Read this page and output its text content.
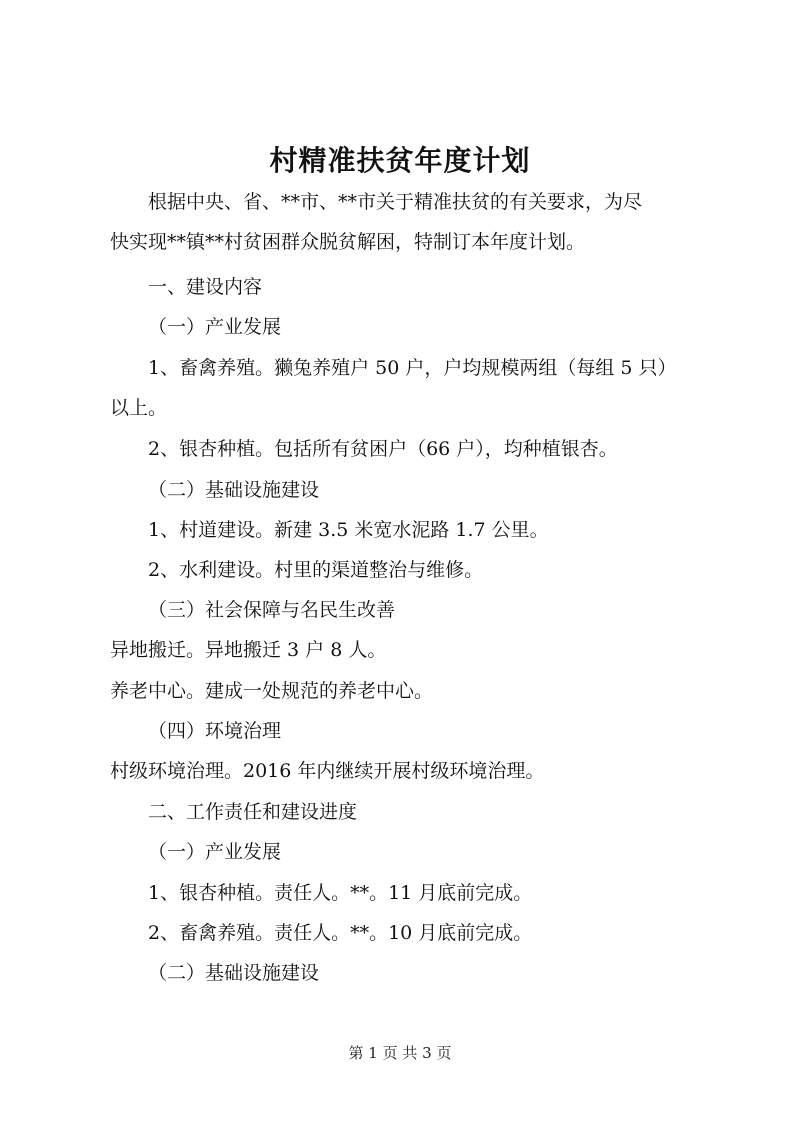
村精准扶贫年度计划

根据中央、省、**市、**市关于精准扶贫的有关要求，为尽

快实现**镇**村贫困群众脱贫解困，特制订本年度计划。

一、建设内容

（一）产业发展

1、畜禽养殖。獭兔养殖户 50 户，户均规模两组（每组 5 只）

以上。

2、银杏种植。包括所有贫困户（66 户），均种植银杏。

（二）基础设施建设

1、村道建设。新建 3.5 米宽水泥路 1.7 公里。

2、水利建设。村里的渠道整治与维修。

（三）社会保障与名民生改善

异地搬迁。异地搬迁 3 户 8 人。

养老中心。建成一处规范的养老中心。

（四）环境治理

村级环境治理。2016 年内继续开展村级环境治理。

二、工作责任和建设进度

（一）产业发展

1、银杏种植。责任人。**。11 月底前完成。

2、畜禽养殖。责任人。**。10 月底前完成。

（二）基础设施建设

第 1 页 共 3 页
